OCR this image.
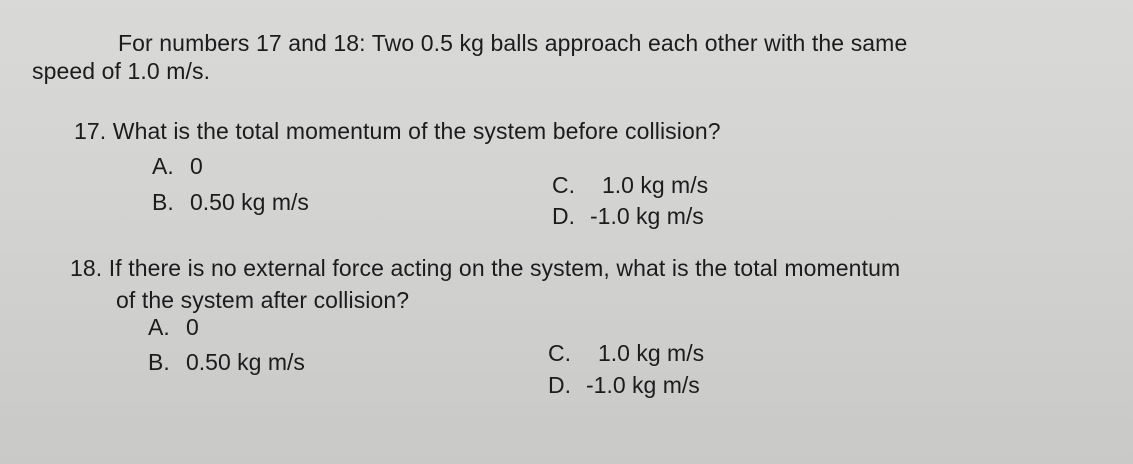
For numbers 17 and 18: Two 0.5 kg balls approach each other with the same
speed of 1.0 m/s.
17. What is the total momentum of the system before collision?
A. 0
B. 0.50 kg m/s
C. 1.0 kg m/s
D. -1.0 kg m/s
18. If there is no external force acting on the system, what is the total momentum
of the system after collision?
A. 0
B. 0.50 kg m/s	C. 1.0 kg m/s
D. -1.0 kg m/s
